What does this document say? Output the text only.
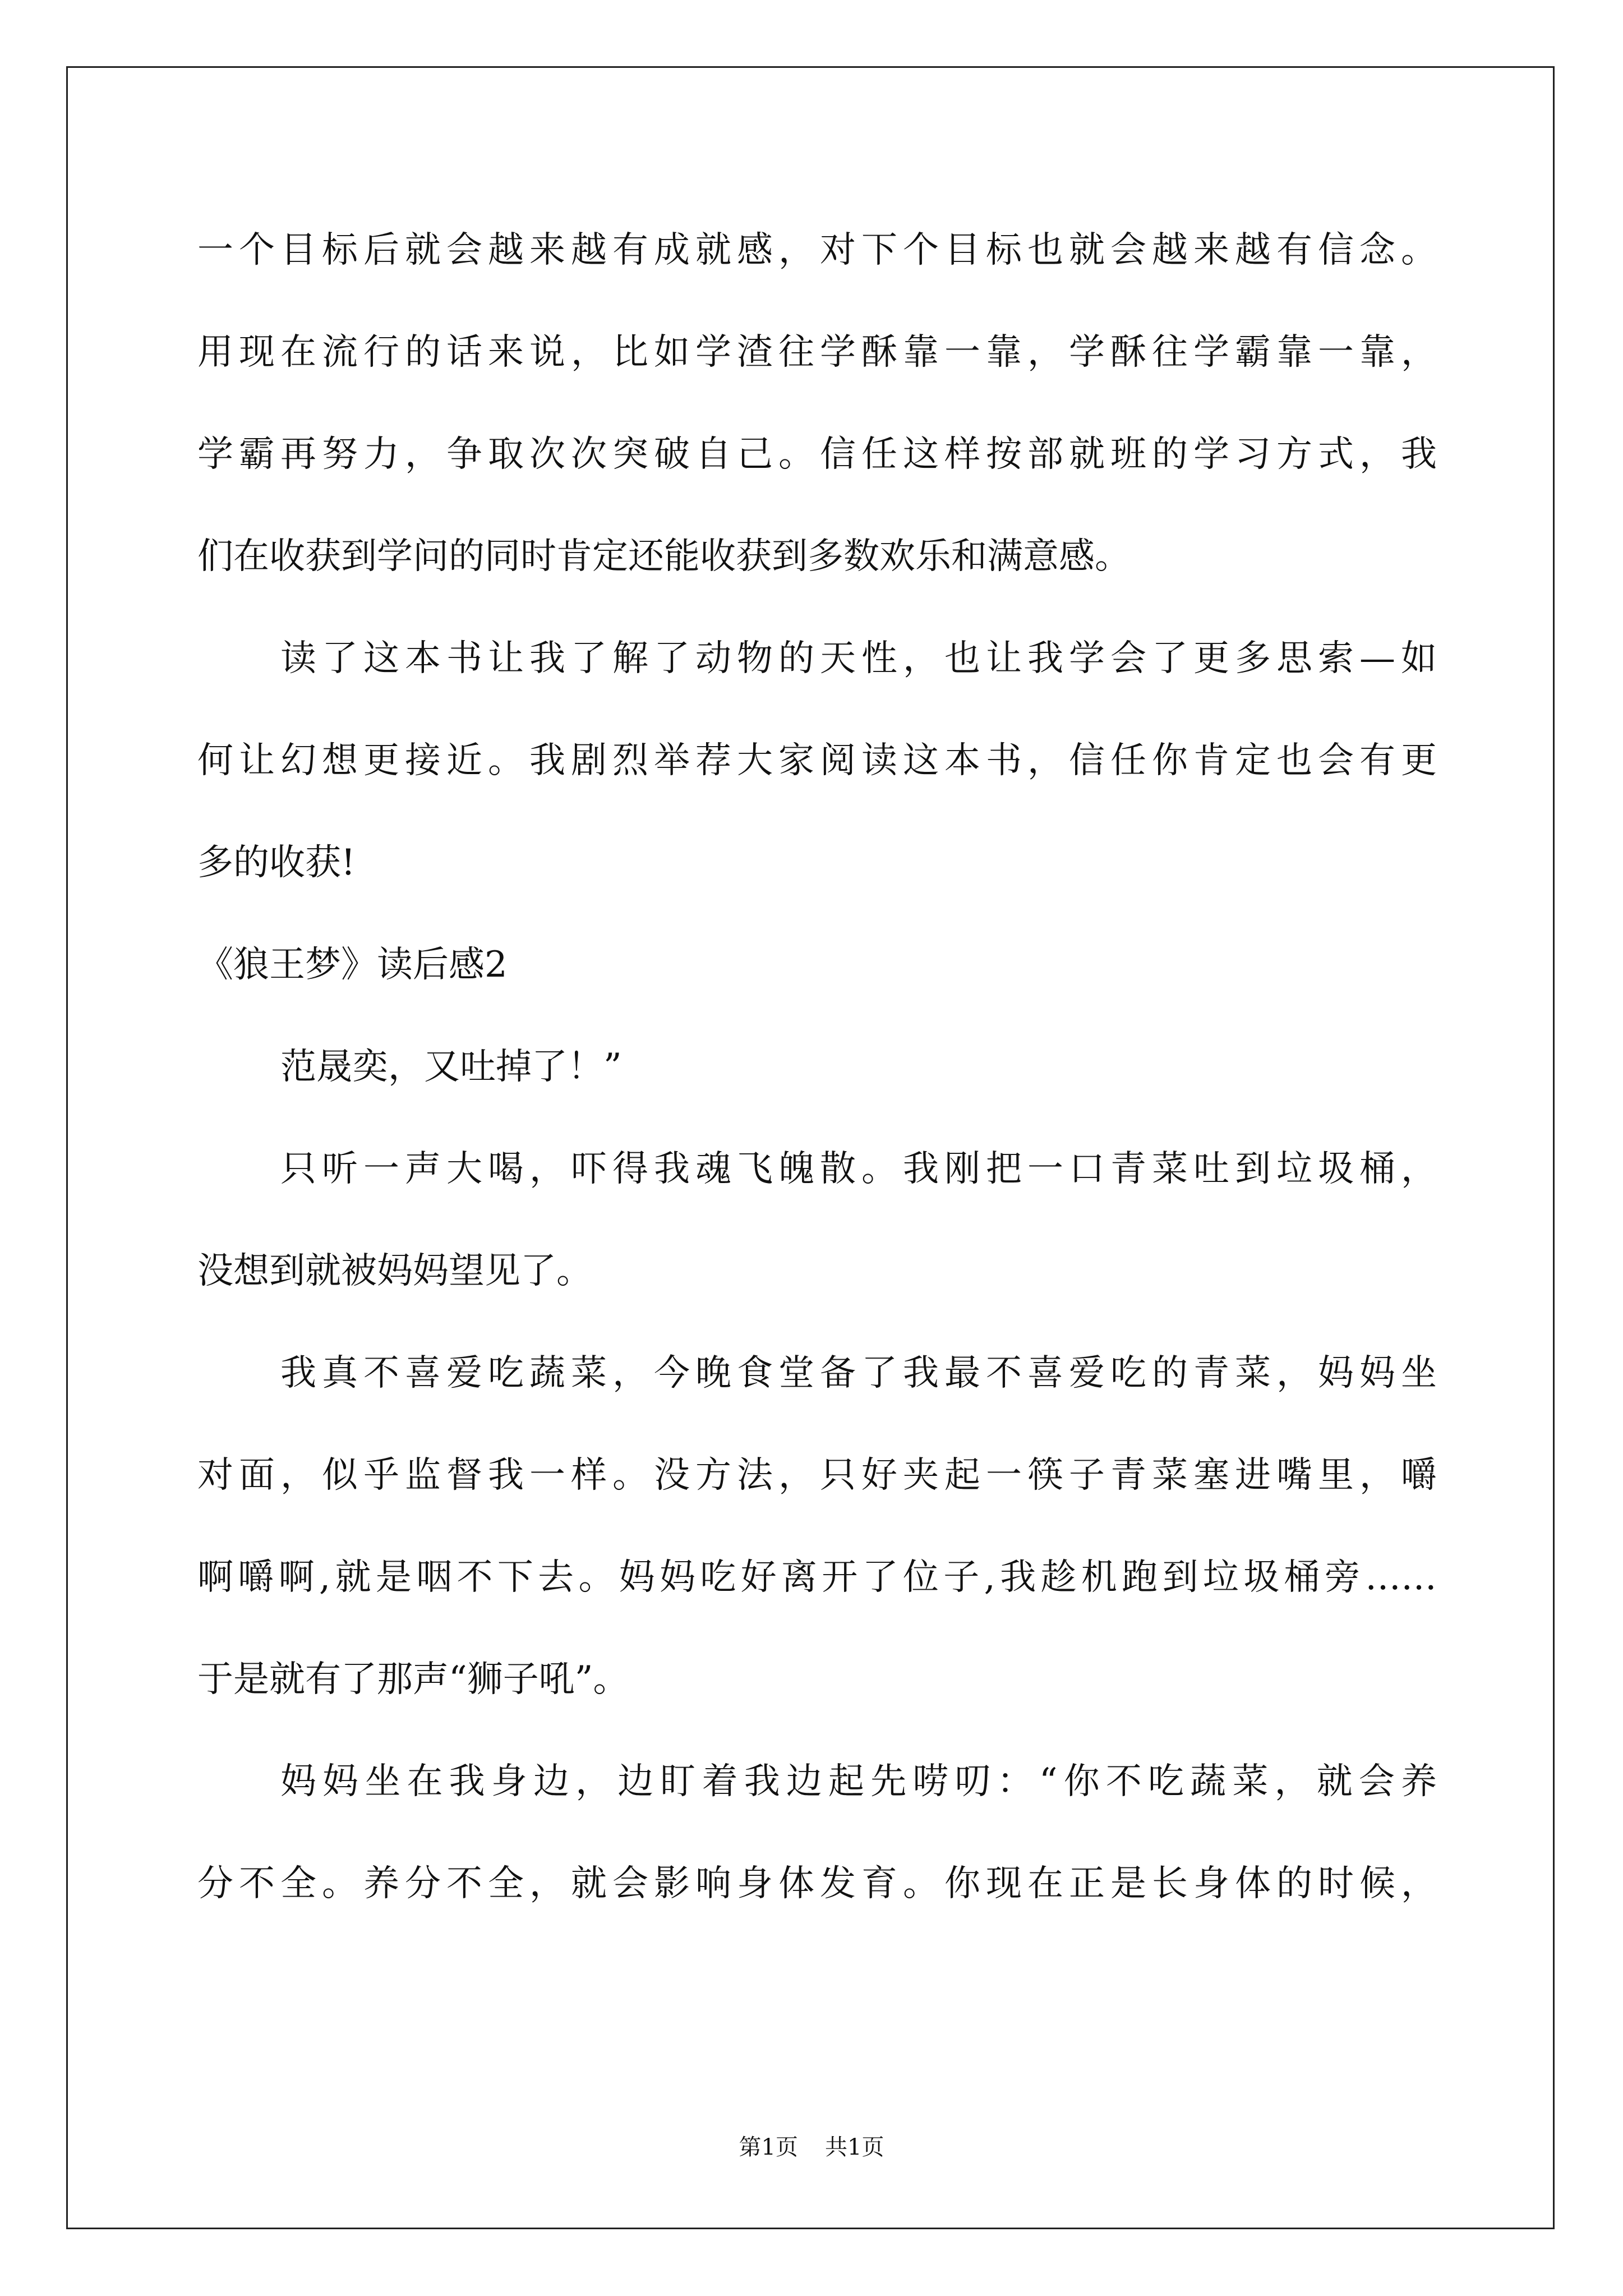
一个目标后就会越来越有成就感，对下个目标也就会越来越有信念。
用现在流行的话来说，比如学渣往学酥靠一靠，学酥往学霸靠一靠，
学霸再努力，争取次次突破自己。信任这样按部就班的学习方式，我
们在收获到学问的同时肯定还能收获到多数欢乐和满意感。
读了这本书让我了解了动物的天性，也让我学会了更多思索—如
何让幻想更接近。我剧烈举荐大家阅读这本书，信任你肯定也会有更
多的收获!
《狼王梦》读后感2
范晟奕，又吐掉了！”
只听一声大喝，吓得我魂飞魄散。我刚把一口青菜吐到垃圾桶，
没想到就被妈妈望见了。
我真不喜爱吃蔬菜，今晚食堂备了我最不喜爱吃的青菜，妈妈坐
对面，似乎监督我一样。没方法，只好夹起一筷子青菜塞进嘴里，嚼
啊嚼啊,就是咽不下去。妈妈吃好离开了位子,我趁机跑到垃圾桶旁……
于是就有了那声“狮子吼”。
妈妈坐在我身边，边盯着我边起先唠叨：“你不吃蔬菜，就会养
分不全。养分不全，就会影响身体发育。你现在正是长身体的时候，
第1页 共1页
